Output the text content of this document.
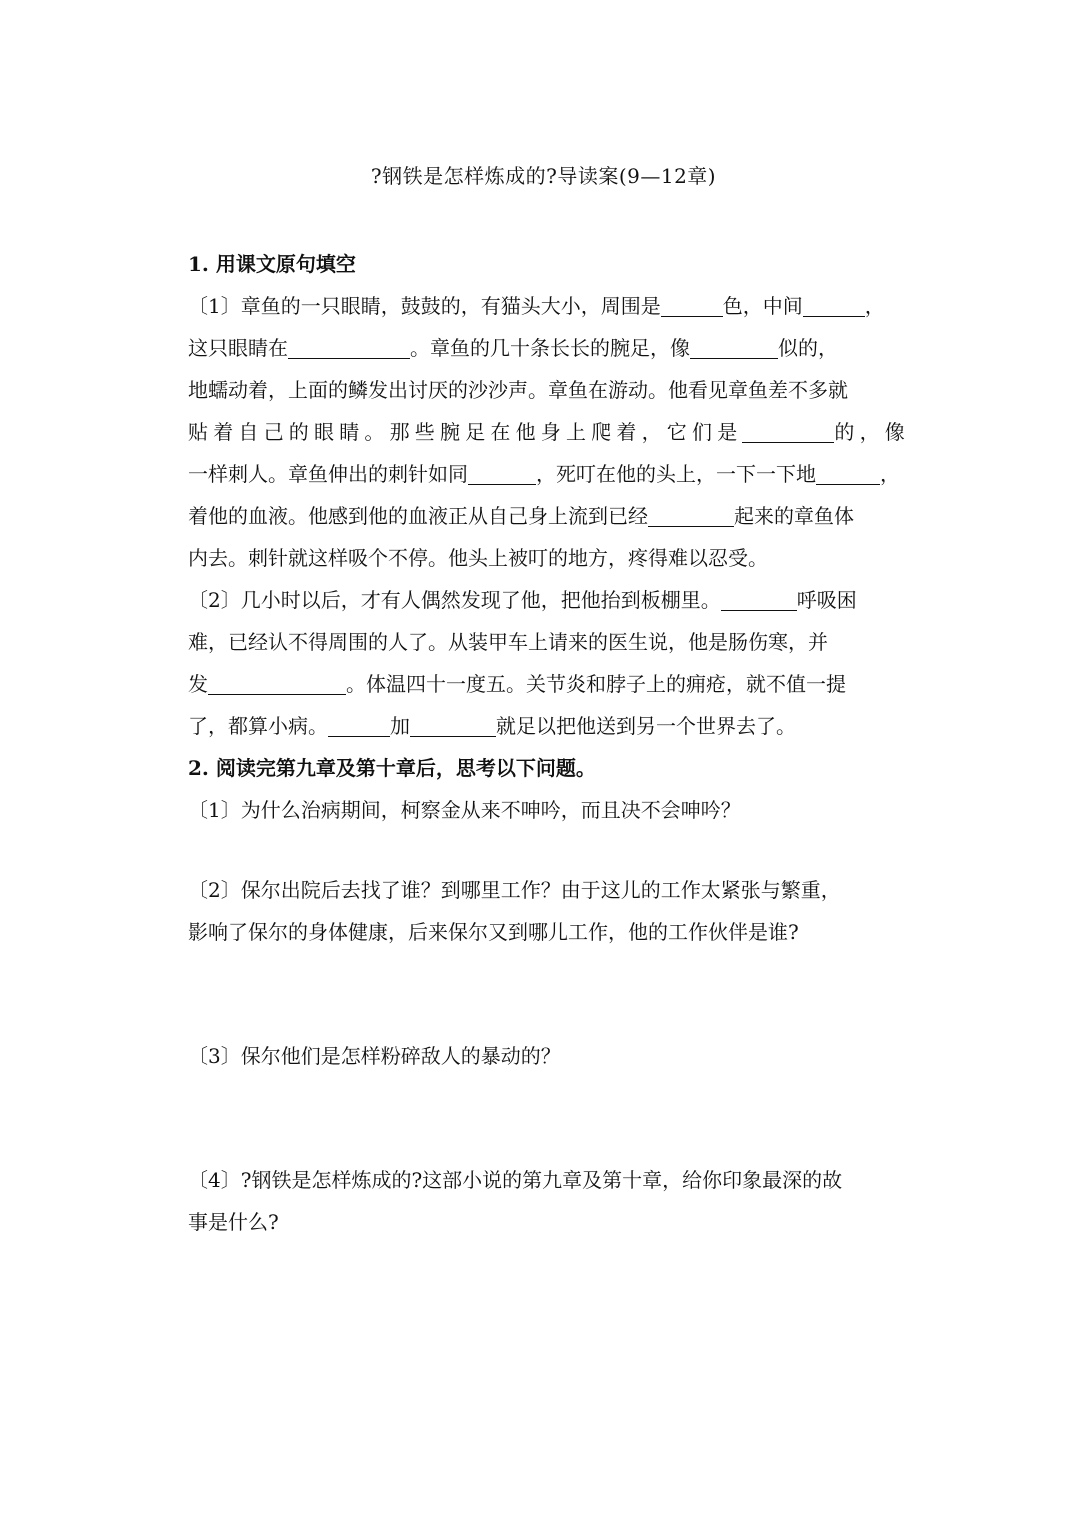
?钢铁是怎样炼成的?导读案(9—12章)
1. 用课文原句填空
〔1〕章鱼的一只眼睛，鼓鼓的，有猫头大小，周围是	色，中间	，
这只眼睛在	。章鱼的几十条长长的腕足，像	似的，
地蠕动着，上面的鳞发出讨厌的沙沙声。章鱼在游动。他看见章鱼差不多就
贴着自己的眼睛。那些腕足在他身上爬着，它们是	的，像
一样刺人。章鱼伸出的刺针如同	，死叮在他的头上，一下一下地	，
着他的血液。他感到他的血液正从自己身上流到已经	起来的章鱼体
内去。刺针就这样吸个不停。他头上被叮的地方，疼得难以忍受。
〔2〕几小时以后，才有人偶然发现了他，把他抬到板棚里。	呼吸困
难，已经认不得周围的人了。从装甲车上请来的医生说，他是肠伤寒，并
发	。体温四十一度五。关节炎和脖子上的痈疮，就不值一提
了，都算小病。	加	就足以把他送到另一个世界去了。
2. 阅读完第九章及第十章后，思考以下问题。
〔1〕为什么治病期间，柯察金从来不呻吟，而且决不会呻吟？
〔2〕保尔出院后去找了谁？到哪里工作？由于这儿的工作太紧张与繁重，
影响了保尔的身体健康，后来保尔又到哪儿工作，他的工作伙伴是谁?
〔3〕保尔他们是怎样粉碎敌人的暴动的？
〔4〕?钢铁是怎样炼成的?这部小说的第九章及第十章，给你印象最深的故
事是什么?
